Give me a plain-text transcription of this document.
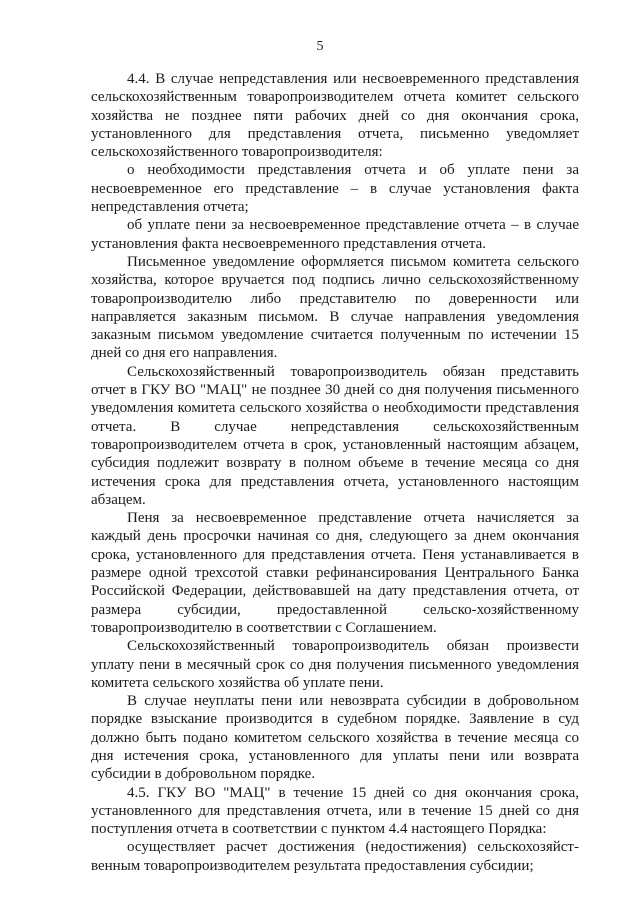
5

4.4. В случае непредставления или несвоевременного представления сельскохозяйственным товаропроизводителем отчета комитет сельского хозяйства не позднее пяти рабочих дней со дня окончания срока, установленного для представления отчета, письменно уведомляет сельскохозяйственного товаропроизводителя:

о необходимости представления отчета и об уплате пени за несвоевременное его представление – в случае установления факта непредставления отчета;

об уплате пени за несвоевременное представление отчета – в случае установления факта несвоевременного представления отчета.

Письменное уведомление оформляется письмом комитета сельского хозяйства, которое вручается под подпись лично сельскохозяйственному товаропроизводителю либо представителю по доверенности или направляется заказным письмом. В случае направления уведомления заказным письмом уведомление считается полученным по истечении 15 дней со дня его направления.

Сельскохозяйственный товаропроизводитель обязан представить отчет в ГКУ ВО "МАЦ" не позднее 30 дней со дня получения письменного уведомления комитета сельского хозяйства о необходимости представления отчета. В случае непредставления сельскохозяйственным товаропроизводителем отчета в срок, установленный настоящим абзацем, субсидия подлежит возврату в полном объеме в течение месяца со дня истечения срока для представления отчета, установленного настоящим абзацем.

Пеня за несвоевременное представление отчета начисляется за каждый день просрочки начиная со дня, следующего за днем окончания срока, установленного для представления отчета. Пеня устанавливается в размере одной трехсотой ставки рефинансирования Центрального Банка Российской Федерации, действовавшей на дату представления отчета, от размера субсидии, предоставленной сельско-хозяйственному товаропроизводителю в соответствии с Соглашением.

Сельскохозяйственный товаропроизводитель обязан произвести уплату пени в месячный срок со дня получения письменного уведомления комитета сельского хозяйства об уплате пени.

В случае неуплаты пени или невозврата субсидии в добровольном порядке взыскание производится в судебном порядке. Заявление в суд должно быть подано комитетом сельского хозяйства в течение месяца со дня истечения срока, установленного для уплаты пени или возврата субсидии в добровольном порядке.

4.5. ГКУ ВО "МАЦ" в течение 15 дней со дня окончания срока, установленного для представления отчета, или в течение 15 дней со дня поступления отчета в соответствии с пунктом 4.4 настоящего Порядка:

осуществляет расчет достижения (недостижения) сельскохозяйственным товаропроизводителем результата предоставления субсидии;
